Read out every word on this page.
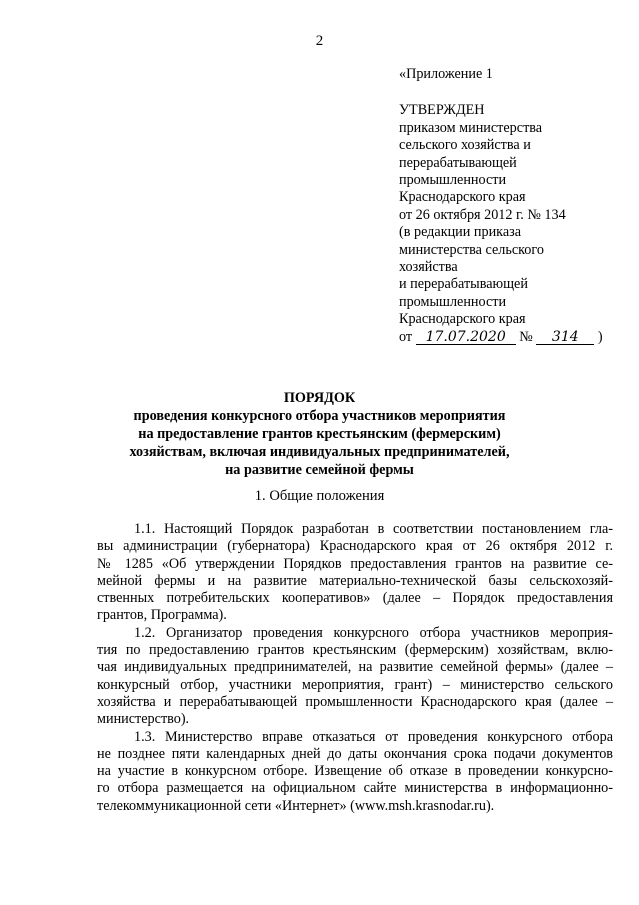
2
«Приложение 1
УТВЕРЖДЕН
приказом министерства
сельского хозяйства и
перерабатывающей
промышленности
Краснодарского края
от 26 октября 2012 г. № 134
(в редакции приказа
министерства сельского
хозяйства
и перерабатывающей
промышленности
Краснодарского края
от 17.07.2020 № 314 )
ПОРЯДОК
проведения конкурсного отбора участников мероприятия
на предоставление грантов крестьянским (фермерским)
хозяйствам, включая индивидуальных предпринимателей,
на развитие семейной фермы
1. Общие положения
1.1. Настоящий Порядок разработан в соответствии постановлением гла-
вы администрации (губернатора) Краснодарского края от 26 октября 2012 г.
№ 1285 «Об утверждении Порядков предоставления грантов на развитие се-
мейной фермы и на развитие материально-технической базы сельскохозяй-
ственных потребительских кооперативов» (далее – Порядок предоставления
грантов, Программа).
1.2. Организатор проведения конкурсного отбора участников мероприя-
тия по предоставлению грантов крестьянским (фермерским) хозяйствам, вклю-
чая индивидуальных предпринимателей, на развитие семейной фермы» (далее –
конкурсный отбор, участники мероприятия, грант) – министерство сельского
хозяйства и перерабатывающей промышленности Краснодарского края (далее –
министерство).
1.3. Министерство вправе отказаться от проведения конкурсного отбора
не позднее пяти календарных дней до даты окончания срока подачи документов
на участие в конкурсном отборе. Извещение об отказе в проведении конкурсно-
го отбора размещается на официальном сайте министерства в информационно-
телекоммуникационной сети «Интернет» (www.msh.krasnodar.ru).
